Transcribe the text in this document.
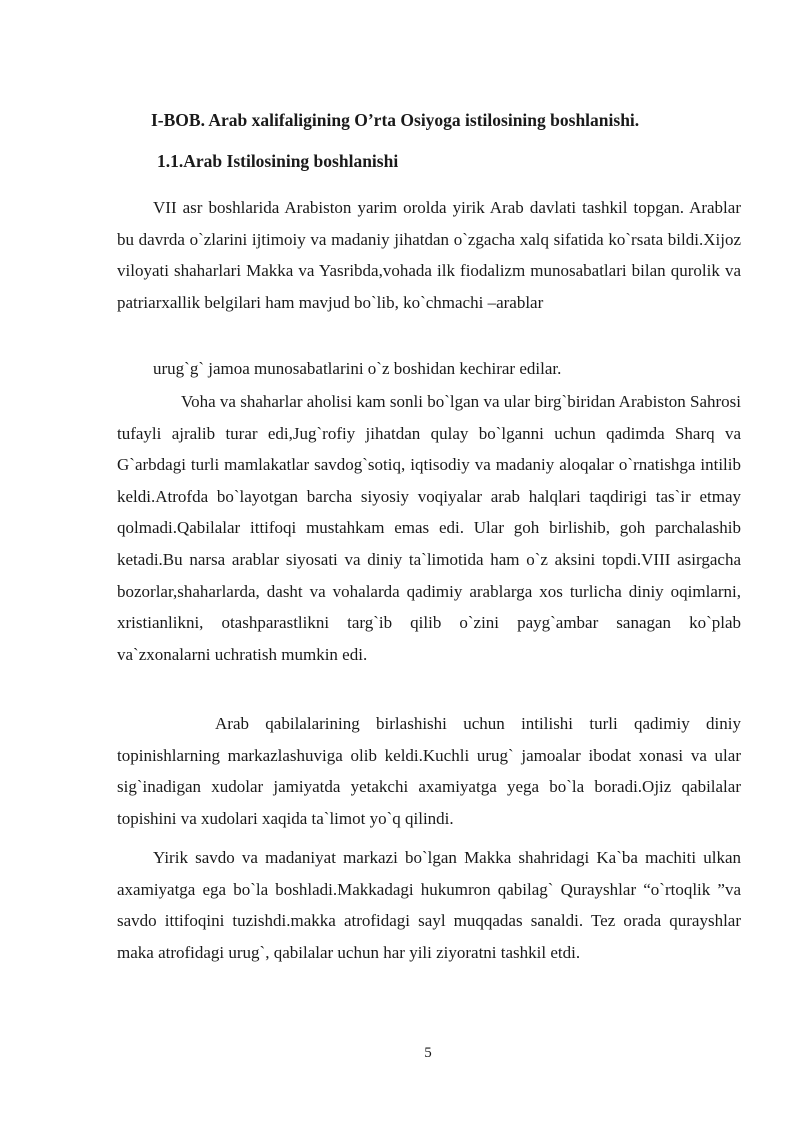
I-BOB. Arab xalifaligining O’rta Osiyoga istilosining boshlanishi.
1.1.Arab Istilosining boshlanishi

VII asr boshlarida Arabiston yarim orolda yirik Arab davlati tashkil topgan. Arablar bu davrda o`zlarini ijtimoiy va madaniy jihatdan o`zgacha xalq sifatida ko`rsata bildi.Xijoz viloyati shaharlari Makka va Yasribda,vohada ilk fiodalizm munosabatlari bilan qurolik va patriarxallik belgilari ham mavjud bo`lib, ko`chmachi –arablar

urug`g` jamoa munosabatlarini o`z boshidan kechirar edilar.

Voha va shaharlar aholisi kam sonli bo`lgan va ular birg`biridan Arabiston Sahrosi tufayli ajralib turar edi,Jug`rofiy jihatdan qulay bo`lganni uchun qadimda Sharq va G`arbdagi turli mamlakatlar savdog`sotiq, iqtisodiy va madaniy aloqalar o`rnatishga intilib keldi.Atrofda bo`layotgan barcha siyosiy voqiyalar arab halqlari taqdirigi tas`ir etmay qolmadi.Qabilalar ittifoqi mustahkam emas edi. Ular goh birlishib, goh parchalashib ketadi.Bu narsa arablar siyosati va diniy ta`limotida ham o`z aksini topdi.VIII asirgacha bozorlar,shaharlarda, dasht va vohalarda qadimiy arablarga xos turlicha diniy oqimlarni, xristianlikni, otashparastlikni targ`ib qilib o`zini payg`ambar sanagan ko`plab va`zxonalarni uchratish mumkin edi.

Arab qabilalarining birlashishi uchun intilishi turli qadimiy diniy topinishlarning markazlashuviga olib keldi.Kuchli urug` jamoalar ibodat xonasi va ular sig`inadigan xudolar jamiyatda yetakchi axamiyatga yega bo`la boradi.Ojiz qabilalar topishini va xudolari xaqida ta`limot yo`q qilindi.

Yirik savdo va madaniyat markazi bo`lgan Makka shahridagi Ka`ba machiti ulkan axamiyatga ega bo`la boshladi.Makkadagi hukumron qabilag` Qurayshlar “o`rtoqlik ”va savdo ittifoqini tuzishdi.makka atrofidagi sayl muqqadas sanaldi. Tez orada qurayshlar maka atrofidagi urug`, qabilalar uchun har yili ziyoratni tashkil etdi.

5
